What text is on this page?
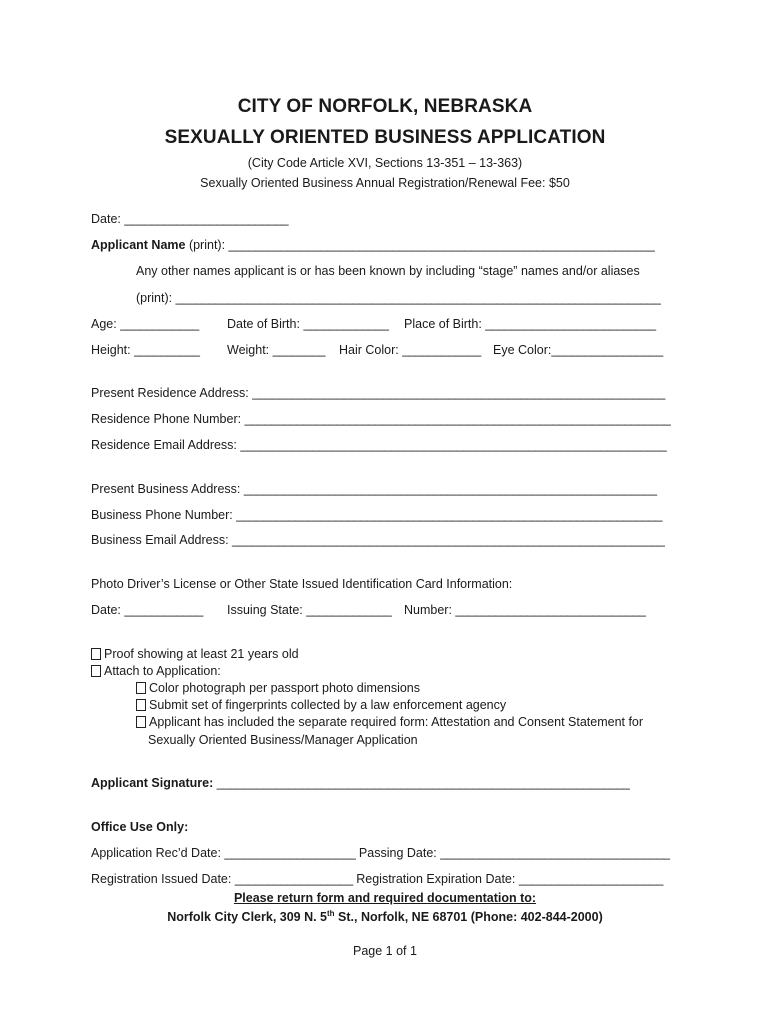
CITY OF NORFOLK, NEBRASKA
SEXUALLY ORIENTED BUSINESS APPLICATION
(City Code Article XVI, Sections 13-351 – 13-363)
Sexually Oriented Business Annual Registration/Renewal Fee: $50
Date: _________________________
Applicant Name (print): _________________________________________________________________
Any other names applicant is or has been known by including “stage” names and/or aliases
(print): __________________________________________________________________________
Age: ____________ Date of Birth: _____________ Place of Birth: __________________________
Height: __________ Weight: ________ Hair Color: ____________ Eye Color:_________________
Present Residence Address: _______________________________________________________________
Residence Phone Number: _________________________________________________________________
Residence Email Address: _________________________________________________________________
Present Business Address: _______________________________________________________________
Business Phone Number: _________________________________________________________________
Business Email Address: __________________________________________________________________
Photo Driver’s License or Other State Issued Identification Card Information:
Date: ____________ Issuing State: _____________ Number: _____________________________
Proof showing at least 21 years old
Attach to Application:
Color photograph per passport photo dimensions
Submit set of fingerprints collected by a law enforcement agency
Applicant has included the separate required form: Attestation and Consent Statement for
Sexually Oriented Business/Manager Application
Applicant Signature: _______________________________________________________________
Office Use Only:
Application Rec’d Date: ____________________ Passing Date: ___________________________________
Registration Issued Date: __________________ Registration Expiration Date: ______________________
Please return form and required documentation to:
Norfolk City Clerk, 309 N. 5th St., Norfolk, NE 68701 (Phone: 402-844-2000)
Page 1 of 1
